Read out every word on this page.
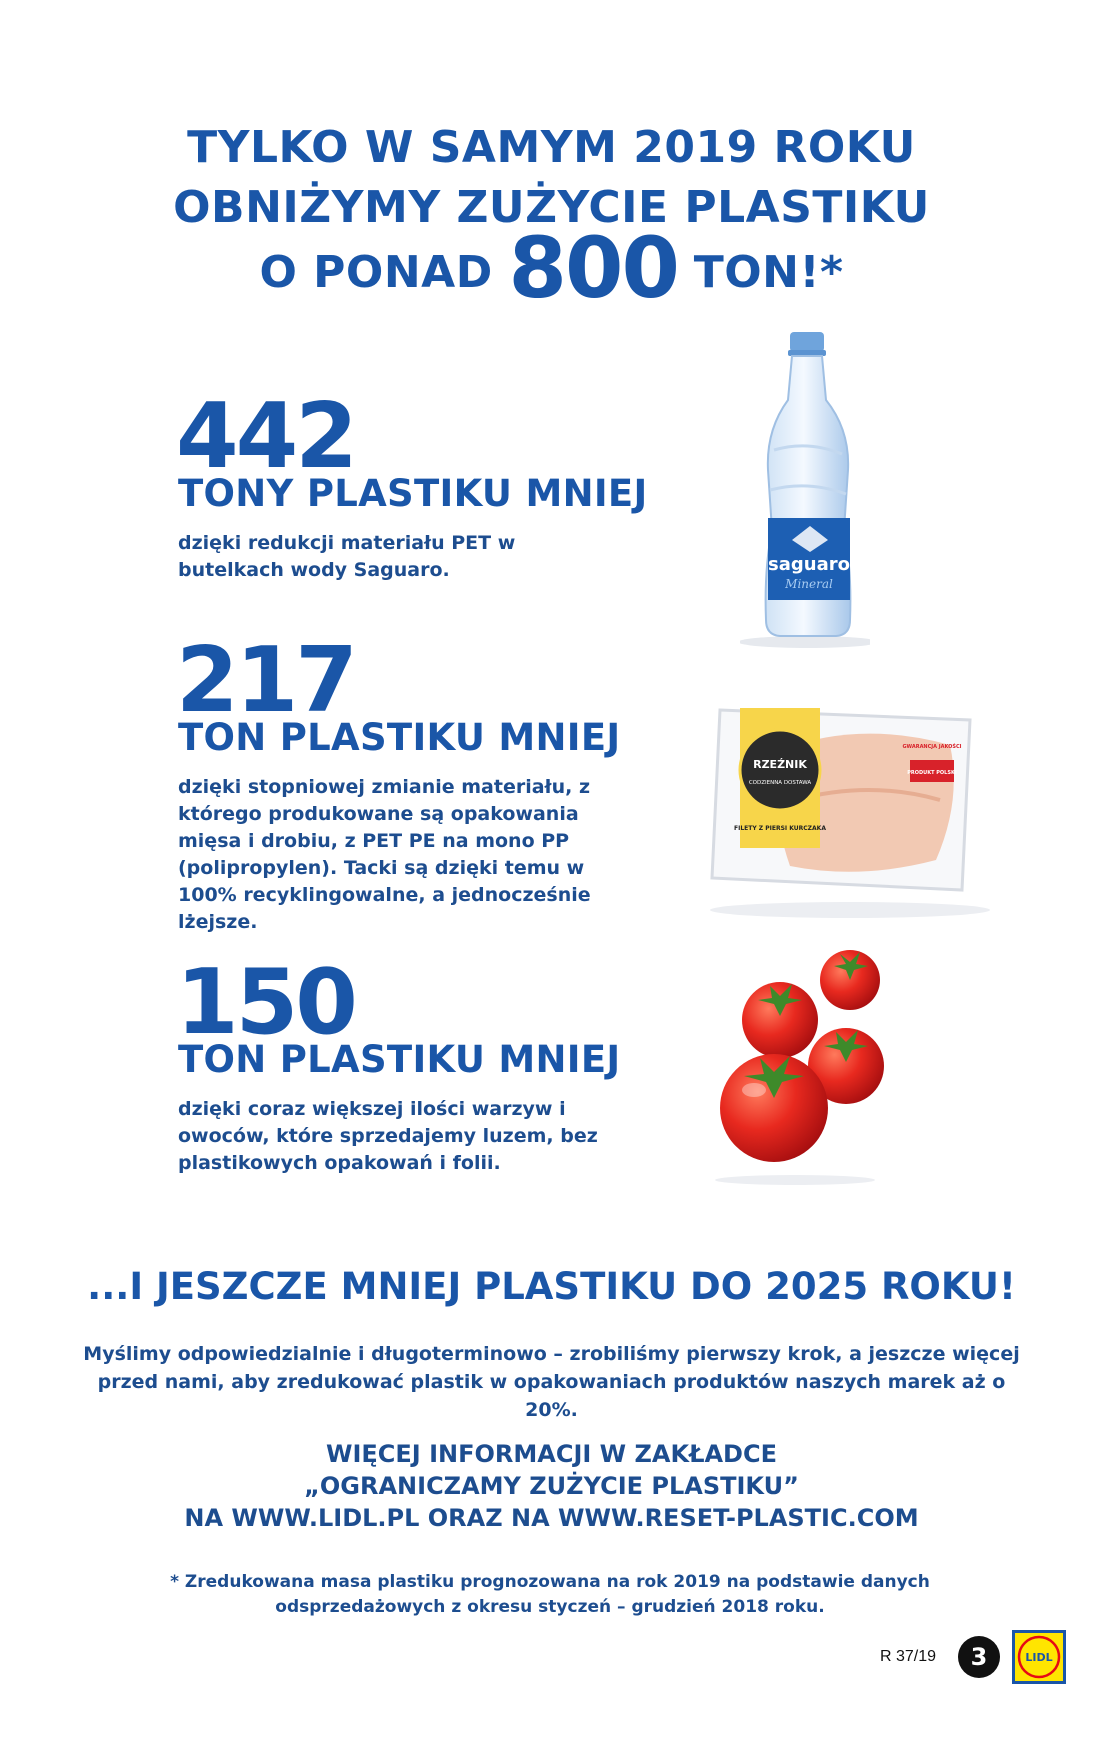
TYLKO W SAMYM 2019 ROKU
OBNIŻYMY ZUŻYCIE PLASTIKU
O PONAD 800 TON!*
442
TONY PLASTIKU MNIEJ
dzięki redukcji materiału PET w butelkach wody Saguaro.	saguaro
Mineral
217
TON PLASTIKU MNIEJ
dzięki stopniowej zmianie materiału, z którego produkowane są opakowania mięsa i drobiu, z PET PE na mono PP (polipropylen). Tacki są dzięki temu w 100% recyklingowalne, a jednocześnie lżejsze.
RZEŹNIK
CODZIENNA DOSTAWA
FILETY Z PIERSI KURCZAKA
PRODUKT POLSKI
GWARANCJA JAKOŚCI
150
TON PLASTIKU MNIEJ
dzięki coraz większej ilości warzyw i owoców, które sprzedajemy luzem, bez plastikowych opakowań i folii.
...I JESZCZE MNIEJ PLASTIKU DO 2025 ROKU!
Myślimy odpowiedzialnie i długoterminowo – zrobiliśmy pierwszy krok, a jeszcze więcej
przed nami, aby zredukować plastik w opakowaniach produktów naszych marek aż o 20%.
WIĘCEJ INFORMACJI W ZAKŁADCE
„OGRANICZAMY ZUŻYCIE PLASTIKU”
NA WWW.LIDL.PL ORAZ NA WWW.RESET-PLASTIC.COM
* Zredukowana masa plastiku prognozowana na rok 2019 na podstawie danych
odsprzedażowych z okresu styczeń – grudzień 2018 roku.
R 37/19	3	LIDL
